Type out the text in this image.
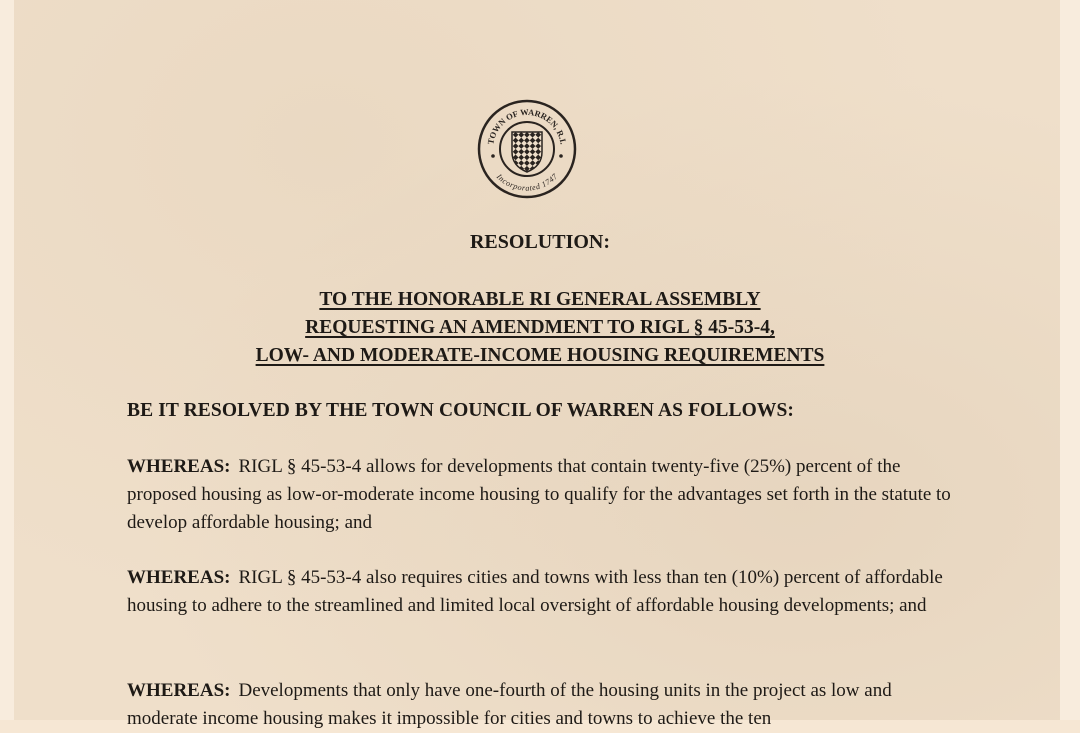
TOWN OF WARREN, R.I.
Incorporated 1747
RESOLUTION:
TO THE HONORABLE RI GENERAL ASSEMBLY
REQUESTING AN AMENDMENT TO RIGL § 45-53-4,
LOW- AND MODERATE-INCOME HOUSING REQUIREMENTS
BE IT RESOLVED BY THE TOWN COUNCIL OF WARREN AS FOLLOWS:
WHEREAS: RIGL § 45-53-4 allows for developments that contain twenty-five (25%) percent of the proposed housing as low-or-moderate income housing to qualify for the advantages set forth in the statute to develop affordable housing; and
WHEREAS: RIGL § 45-53-4 also requires cities and towns with less than ten (10%) percent of affordable housing to adhere to the streamlined and limited local oversight of affordable housing developments; and
WHEREAS: Developments that only have one-fourth of the housing units in the project as low and moderate income housing makes it impossible for cities and towns to achieve the ten
